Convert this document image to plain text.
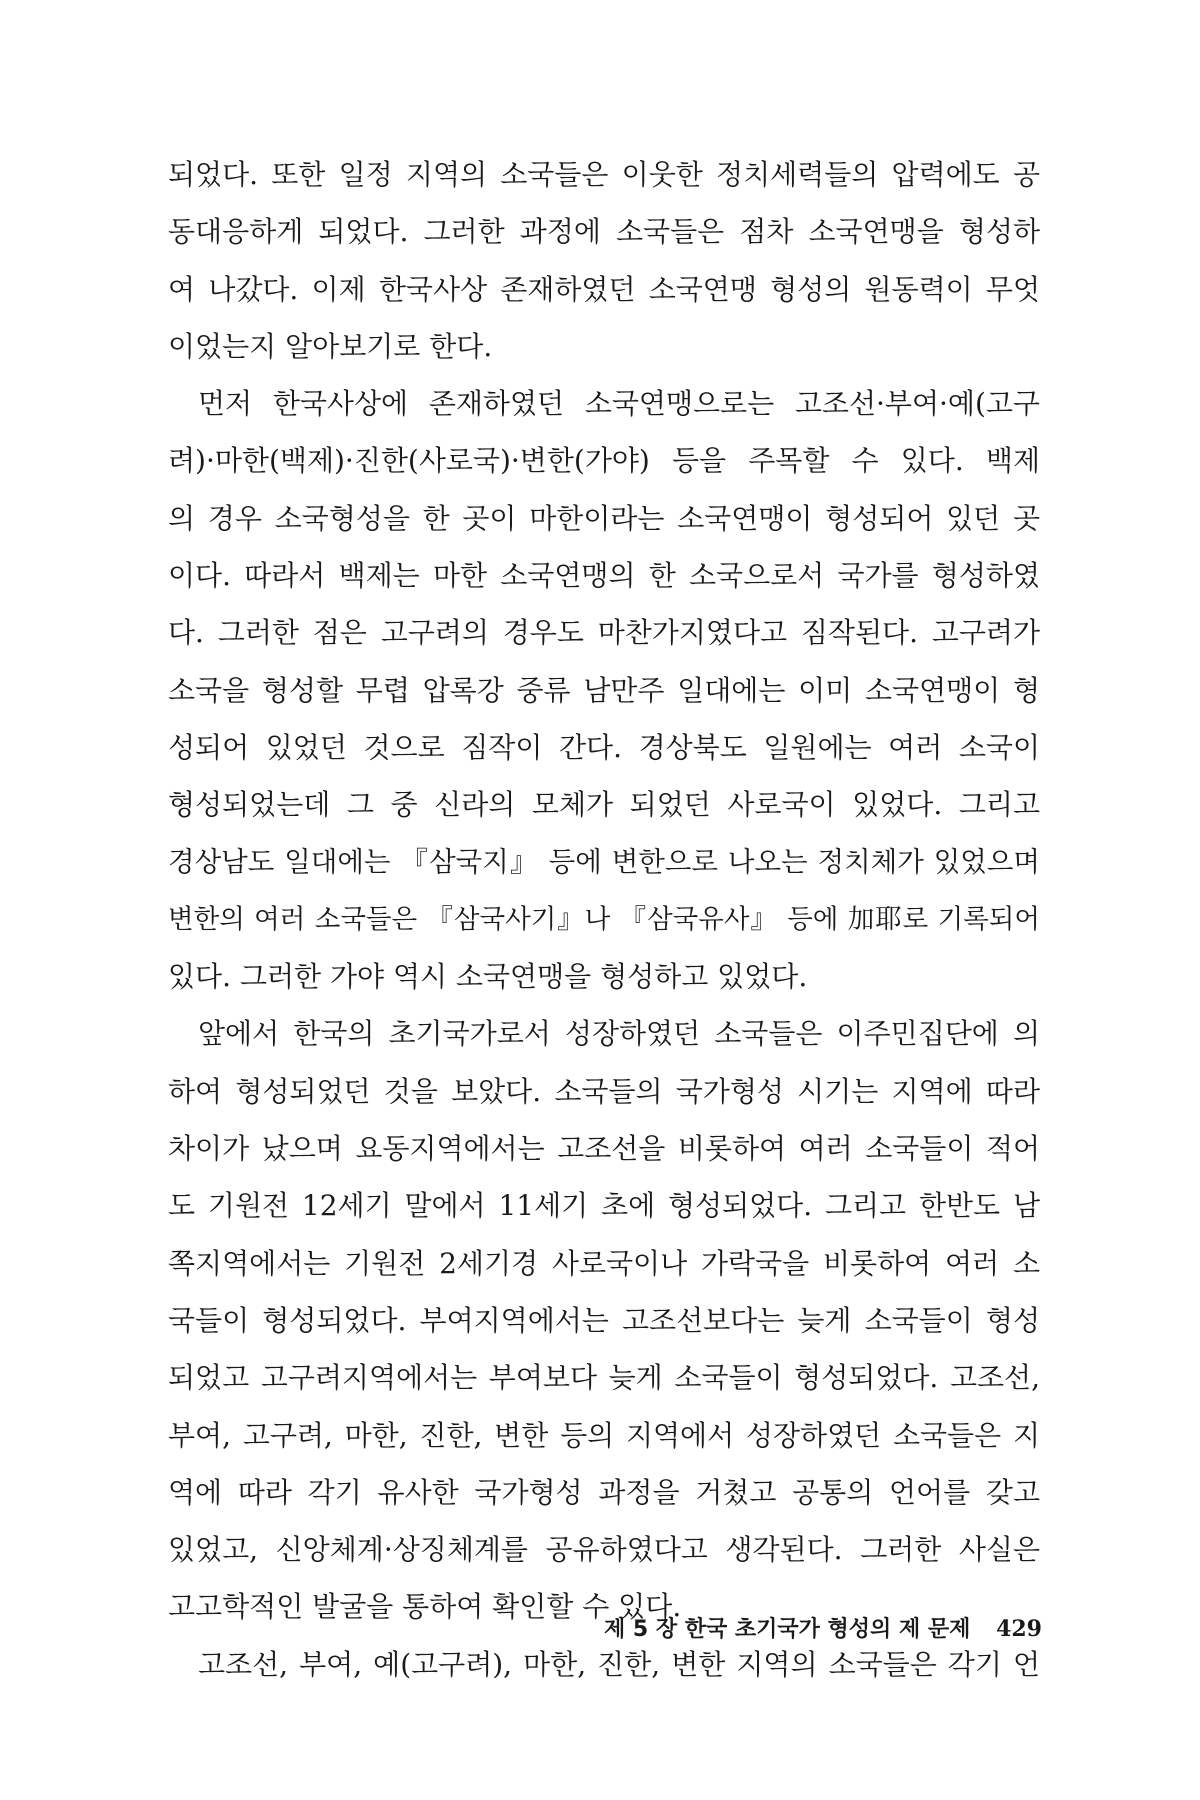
되었다. 또한 일정 지역의 소국들은 이웃한 정치세력들의 압력에도 공
동대응하게 되었다. 그러한 과정에 소국들은 점차 소국연맹을 형성하
여 나갔다. 이제 한국사상 존재하였던 소국연맹 형성의 원동력이 무엇
이었는지 알아보기로 한다.
먼저 한국사상에 존재하였던 소국연맹으로는 고조선·부여·예(고구
려)·마한(백제)·진한(사로국)·변한(가야) 등을 주목할 수 있다. 백제
의 경우 소국형성을 한 곳이 마한이라는 소국연맹이 형성되어 있던 곳
이다. 따라서 백제는 마한 소국연맹의 한 소국으로서 국가를 형성하였
다. 그러한 점은 고구려의 경우도 마찬가지였다고 짐작된다. 고구려가
소국을 형성할 무렵 압록강 중류 남만주 일대에는 이미 소국연맹이 형
성되어 있었던 것으로 짐작이 간다. 경상북도 일원에는 여러 소국이
형성되었는데 그 중 신라의 모체가 되었던 사로국이 있었다. 그리고
경상남도 일대에는 『삼국지』 등에 변한으로 나오는 정치체가 있었으며
변한의 여러 소국들은 『삼국사기』나 『삼국유사』 등에 加耶로 기록되어
있다. 그러한 가야 역시 소국연맹을 형성하고 있었다.
앞에서 한국의 초기국가로서 성장하였던 소국들은 이주민집단에 의
하여 형성되었던 것을 보았다. 소국들의 국가형성 시기는 지역에 따라
차이가 났으며 요동지역에서는 고조선을 비롯하여 여러 소국들이 적어
도 기원전 12세기 말에서 11세기 초에 형성되었다. 그리고 한반도 남
쪽지역에서는 기원전 2세기경 사로국이나 가락국을 비롯하여 여러 소
국들이 형성되었다. 부여지역에서는 고조선보다는 늦게 소국들이 형성
되었고 고구려지역에서는 부여보다 늦게 소국들이 형성되었다. 고조선,
부여, 고구려, 마한, 진한, 변한 등의 지역에서 성장하였던 소국들은 지
역에 따라 각기 유사한 국가형성 과정을 거쳤고 공통의 언어를 갖고
있었고, 신앙체계·상징체계를 공유하였다고 생각된다. 그러한 사실은
고고학적인 발굴을 통하여 확인할 수 있다.
고조선, 부여, 예(고구려), 마한, 진한, 변한 지역의 소국들은 각기 언
제 5 장 한국 초기국가 형성의 제 문제 429
